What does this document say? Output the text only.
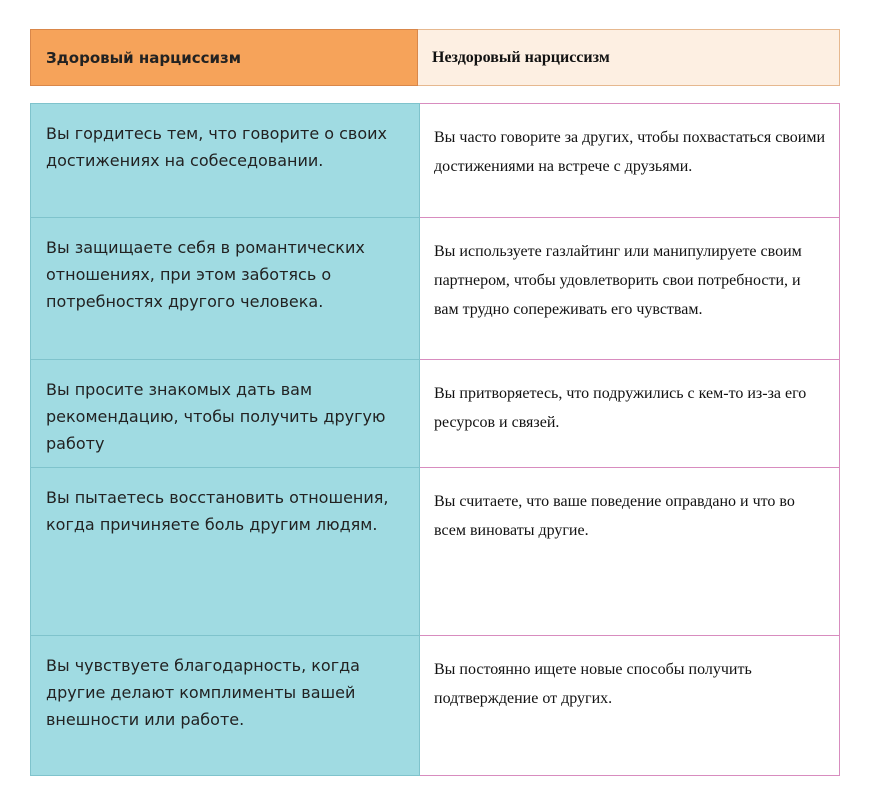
Здоровый нарциссизм	Нездоровый нарциссизм
Вы гордитесь тем, что говорите о своих достижениях на собеседовании.
Вы часто говорите за других, чтобы похвастаться своими достижениями на встрече с друзьями.
Вы защищаете себя в романтических отношениях, при этом заботясь о потребностях другого человека.
Вы используете газлайтинг или манипулируете своим партнером, чтобы удовлетворить свои потребности, и вам трудно сопереживать его чувствам.
Вы просите знакомых дать вам рекомендацию, чтобы получить другую работу
Вы притворяетесь, что подружились с кем-то из-за его ресурсов и связей.
Вы пытаетесь восстановить отношения, когда причиняете боль другим людям.
Вы считаете, что ваше поведение оправдано и что во всем виноваты другие.
Вы чувствуете благодарность, когда другие делают комплименты вашей внешности или работе.
Вы постоянно ищете новые способы получить подтверждение от других.
